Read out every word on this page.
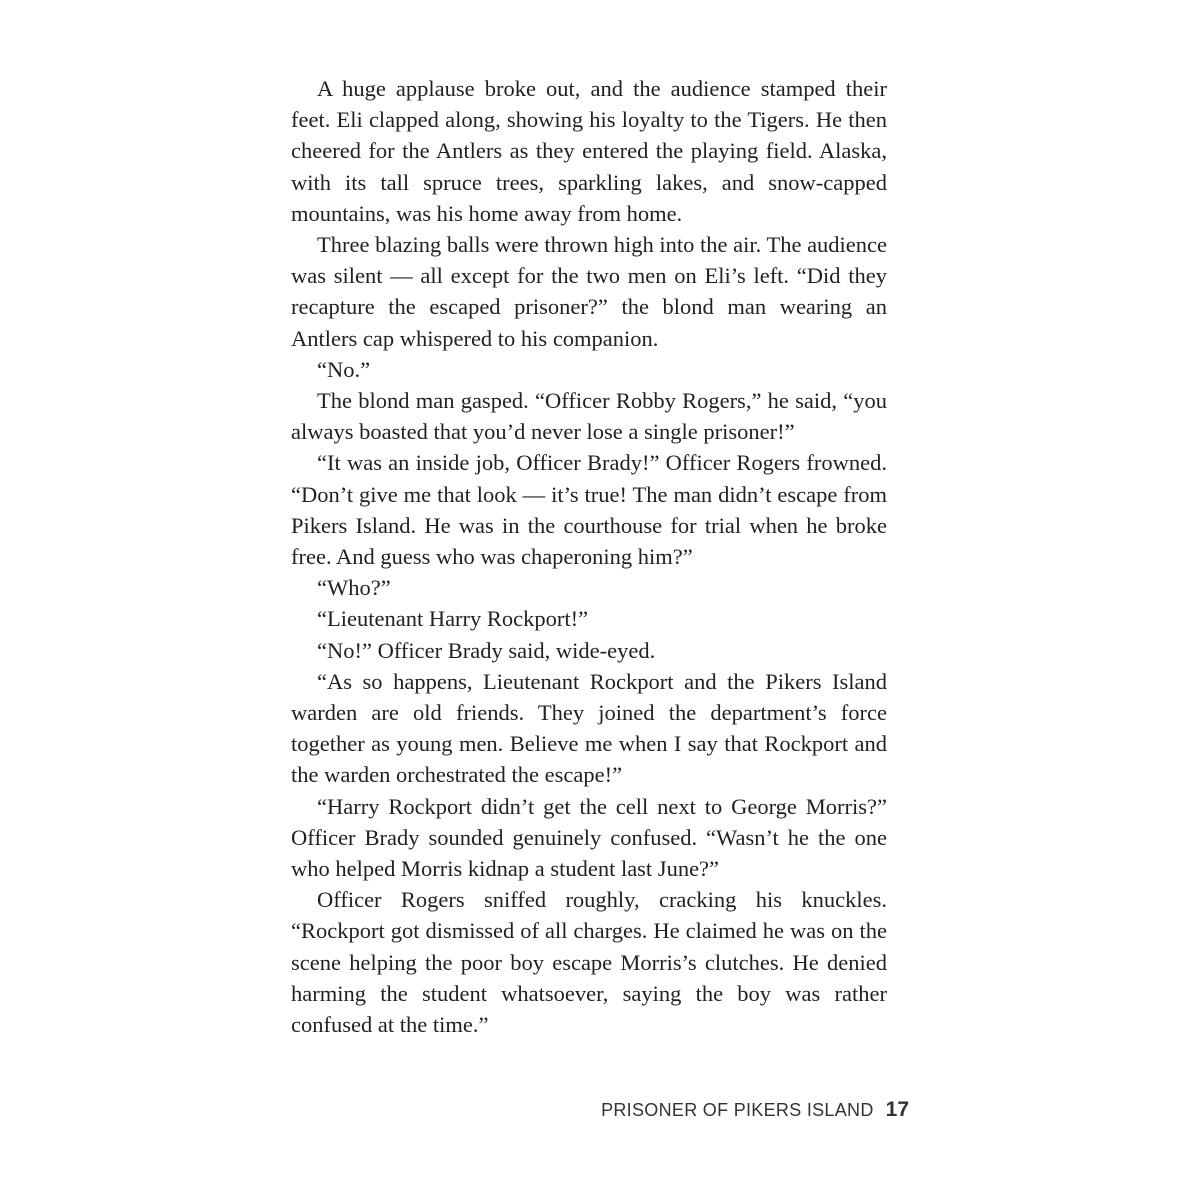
A huge applause broke out, and the audience stamped their feet. Eli clapped along, showing his loyalty to the Tigers. He then cheered for the Antlers as they entered the playing field. Alaska, with its tall spruce trees, sparkling lakes, and snow-capped mountains, was his home away from home.

Three blazing balls were thrown high into the air. The audience was silent — all except for the two men on Eli’s left. “Did they recapture the escaped prisoner?” the blond man wearing an Antlers cap whispered to his companion.

“No.”

The blond man gasped. “Officer Robby Rogers,” he said, “you always boasted that you’d never lose a single prisoner!”

“It was an inside job, Officer Brady!” Officer Rogers frowned. “Don’t give me that look — it’s true! The man didn’t escape from Pikers Island. He was in the courthouse for trial when he broke free. And guess who was chaperoning him?”

“Who?”

“Lieutenant Harry Rockport!”

“No!” Officer Brady said, wide-eyed.

“As so happens, Lieutenant Rockport and the Pikers Island warden are old friends. They joined the department’s force together as young men. Believe me when I say that Rockport and the warden orchestrated the escape!”

“Harry Rockport didn’t get the cell next to George Morris?” Officer Brady sounded genuinely confused. “Wasn’t he the one who helped Morris kidnap a student last June?”

Officer Rogers sniffed roughly, cracking his knuckles. “Rockport got dismissed of all charges. He claimed he was on the scene helping the poor boy escape Morris’s clutches. He denied harming the student whatsoever, saying the boy was rather confused at the time.”

PRISONER OF PIKERS ISLAND 17
